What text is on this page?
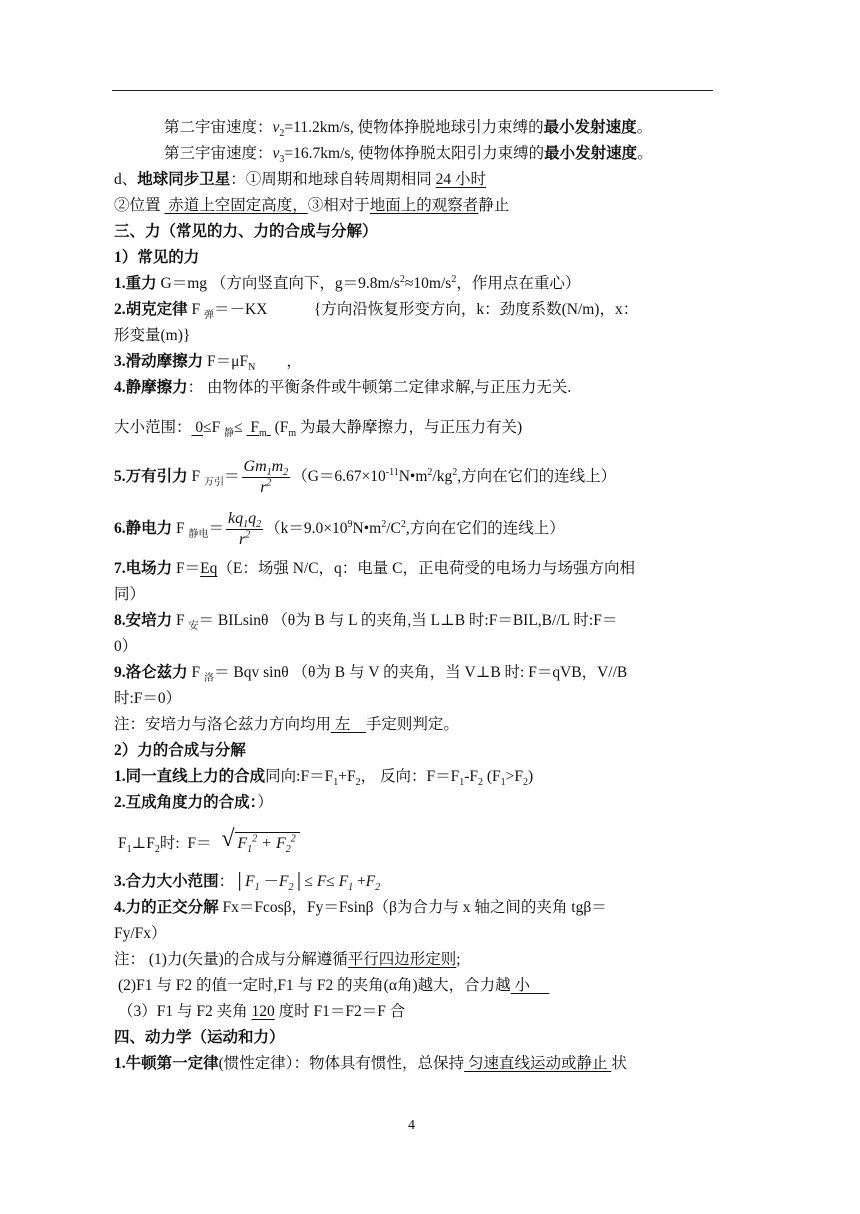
第二宇宙速度：$v_2=11.2km/s$, 使物体挣脱地球引力束缚的最小发射速度。
第三宇宙速度：$v_3=16.7km/s$, 使物体挣脱太阳引力束缚的最小发射速度。
d、地球同步卫星：①周期和地球自转周期相同 24 小时
②位置  赤道上空固定高度，③相对于地面上的观察者静止
三、力（常见的力、力的合成与分解）
1）常见的力
1.重力 G＝mg （方向竖直向下，$g=9.8m/s^2\approx 10m/s^2$，作用点在重心）
2.胡克定律 F $_弹$＝－KX　　　{方向沿恢复形变方向，k：劲度系数(N/m)，x：
形变量(m)}
3.滑动摩擦力 $F=\mu F_N$　　，
4.静摩擦力： 由物体的平衡条件或牛顿第二定律求解,与正压力无关.
大小范围： 0≤F $_静\le F_m$  ($F_m$ 为最大静摩擦力，与正压力有关)
5.万有引力 F $_{万引}= \frac{Gm_1m_2}{r^2}$ （$G=6.67\times 10^{-11}N•m^2/kg^2$,方向在它们的连线上）
6.静电力 F $_{静电}= \frac{kq_1q_2}{r^2}$ （$k=9.0\times 10^9N•m^2/C^2$,方向在它们的连线上）
7.电场力 F＝Eq（E：场强 N/C，q：电量 C，正电荷受的电场力与场强方向相
同）
8.安培力 F $_安$＝ BILsinθ （θ为 B 与 L 的夹角,当 L⊥B 时:F＝BIL,B//L 时:F＝
0）
9.洛仑兹力 F $_洛$＝ Bqv sinθ （θ为 B 与 V 的夹角，当 V⊥B 时: F＝qVB，V//B
时:F＝0）
注：安培力与洛仑兹力方向均用 左    手定则判定。
2）力的合成与分解
1.同一直线上力的合成同向$:F=F_1+F_2$， 反向：$F=F_1-F_2$ $(F_1>F_2)$
2.互成角度力的合成：）
$F_1\perp F_2$时:  F＝ √ $F_1^2 + F_2^2$
3.合力大小范围：$│F_1$ $-F_2│\le F\le F_1 +F_2$
4.力的正交分解 Fx＝Fcosβ，Fy＝Fsinβ（β为合力与 x 轴之间的夹角 tgβ＝
Fy/Fx）
注： (1)力(矢量)的合成与分解遵循平行四边形定则;
(2)F1 与 F2 的值一定时,F1 与 F2 的夹角(α角)越大，合力越 小
（3）F1 与 F2 夹角 120 度时 F1＝F2＝F 合
四、动力学（运动和力）
1.牛顿第一定律(惯性定律）：物体具有惯性，总保持 匀速直线运动或静止 状
4
